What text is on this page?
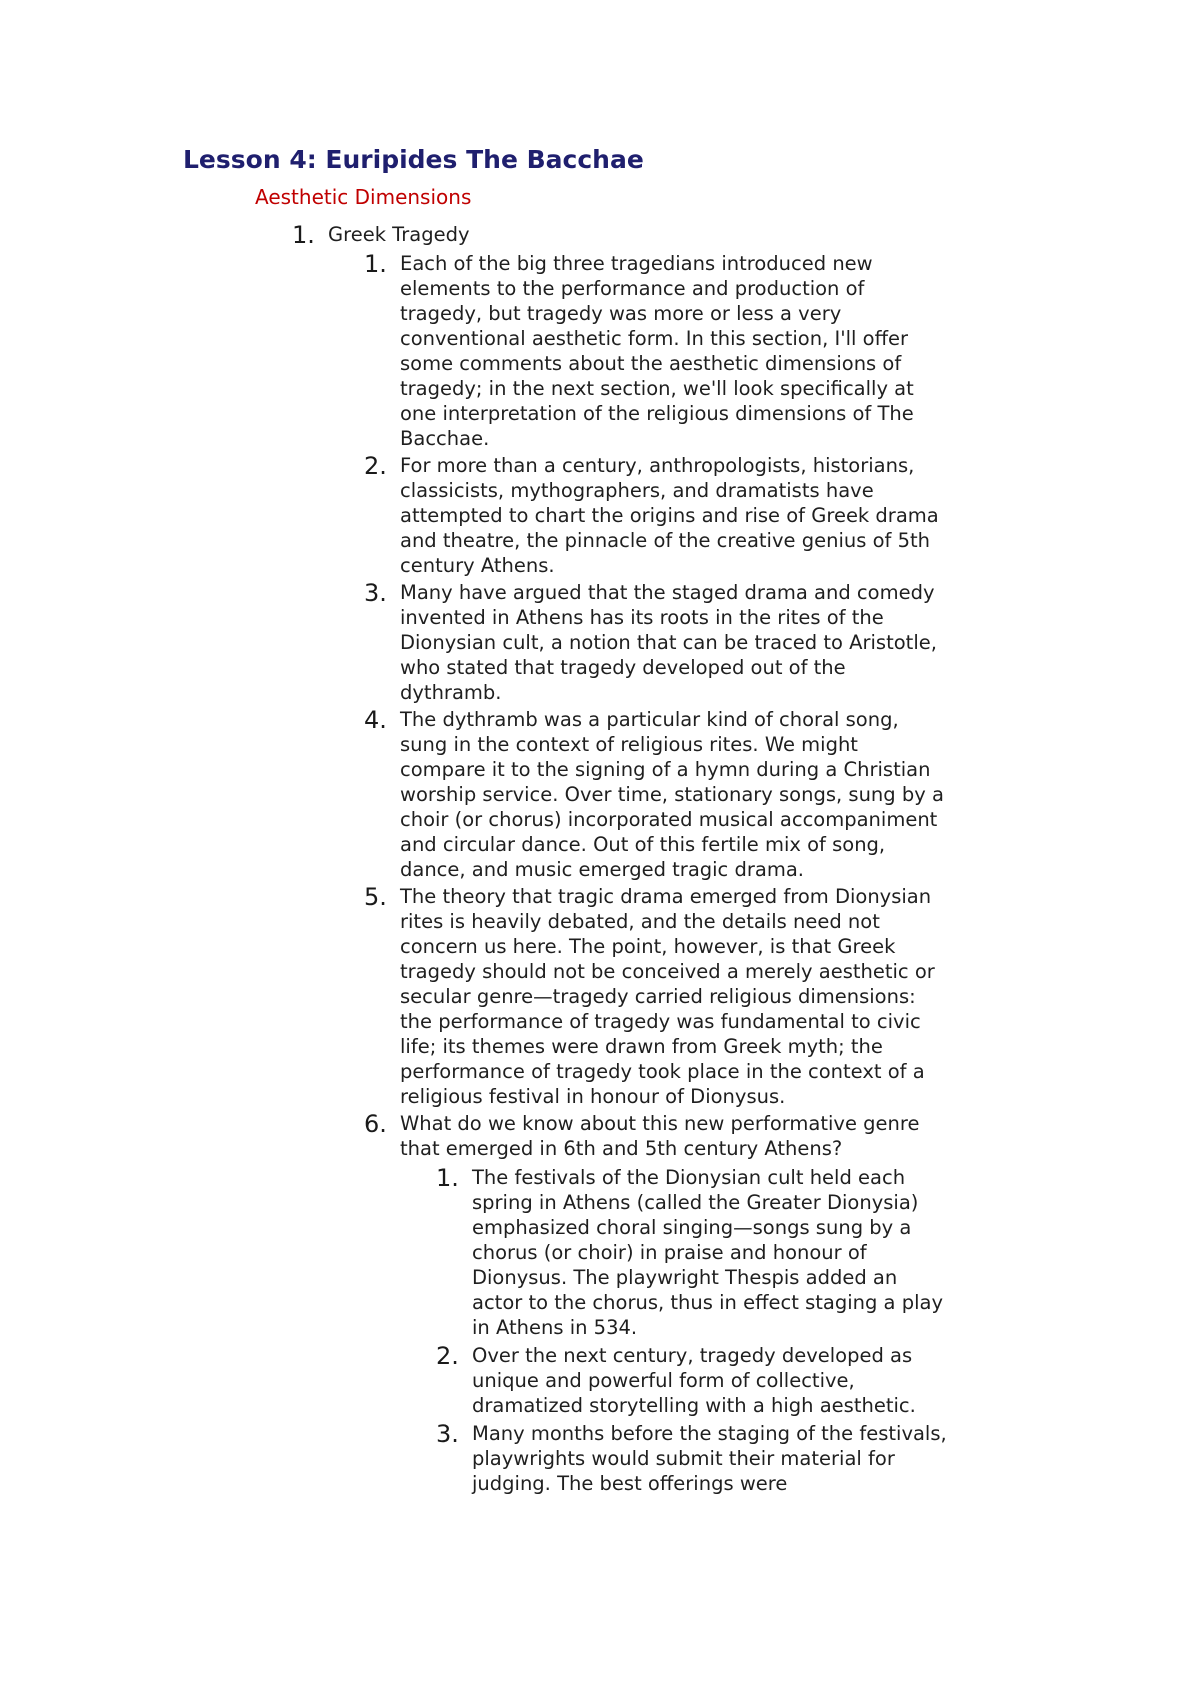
Lesson 4: Euripides The Bacchae
Aesthetic Dimensions
1. Greek Tragedy
1. Each of the big three tragedians introduced new elements to the performance and production of tragedy, but tragedy was more or less a very conventional aesthetic form. In this section, I'll offer some comments about the aesthetic dimensions of tragedy; in the next section, we'll look specifically at one interpretation of the religious dimensions of The Bacchae.
2. For more than a century, anthropologists, historians, classicists, mythographers, and dramatists have attempted to chart the origins and rise of Greek drama and theatre, the pinnacle of the creative genius of 5th century Athens.
3. Many have argued that the staged drama and comedy invented in Athens has its roots in the rites of the Dionysian cult, a notion that can be traced to Aristotle, who stated that tragedy developed out of the dythramb.
4. The dythramb was a particular kind of choral song, sung in the context of religious rites. We might compare it to the signing of a hymn during a Christian worship service. Over time, stationary songs, sung by a choir (or chorus) incorporated musical accompaniment and circular dance. Out of this fertile mix of song, dance, and music emerged tragic drama.
5. The theory that tragic drama emerged from Dionysian rites is heavily debated, and the details need not concern us here. The point, however, is that Greek tragedy should not be conceived a merely aesthetic or secular genre—tragedy carried religious dimensions: the performance of tragedy was fundamental to civic life; its themes were drawn from Greek myth; the performance of tragedy took place in the context of a religious festival in honour of Dionysus.
6. What do we know about this new performative genre that emerged in 6th and 5th century Athens?
1. The festivals of the Dionysian cult held each spring in Athens (called the Greater Dionysia) emphasized choral singing—songs sung by a chorus (or choir) in praise and honour of Dionysus. The playwright Thespis added an actor to the chorus, thus in effect staging a play in Athens in 534.
2. Over the next century, tragedy developed as unique and powerful form of collective, dramatized storytelling with a high aesthetic.
3. Many months before the staging of the festivals, playwrights would submit their material for judging. The best offerings were
